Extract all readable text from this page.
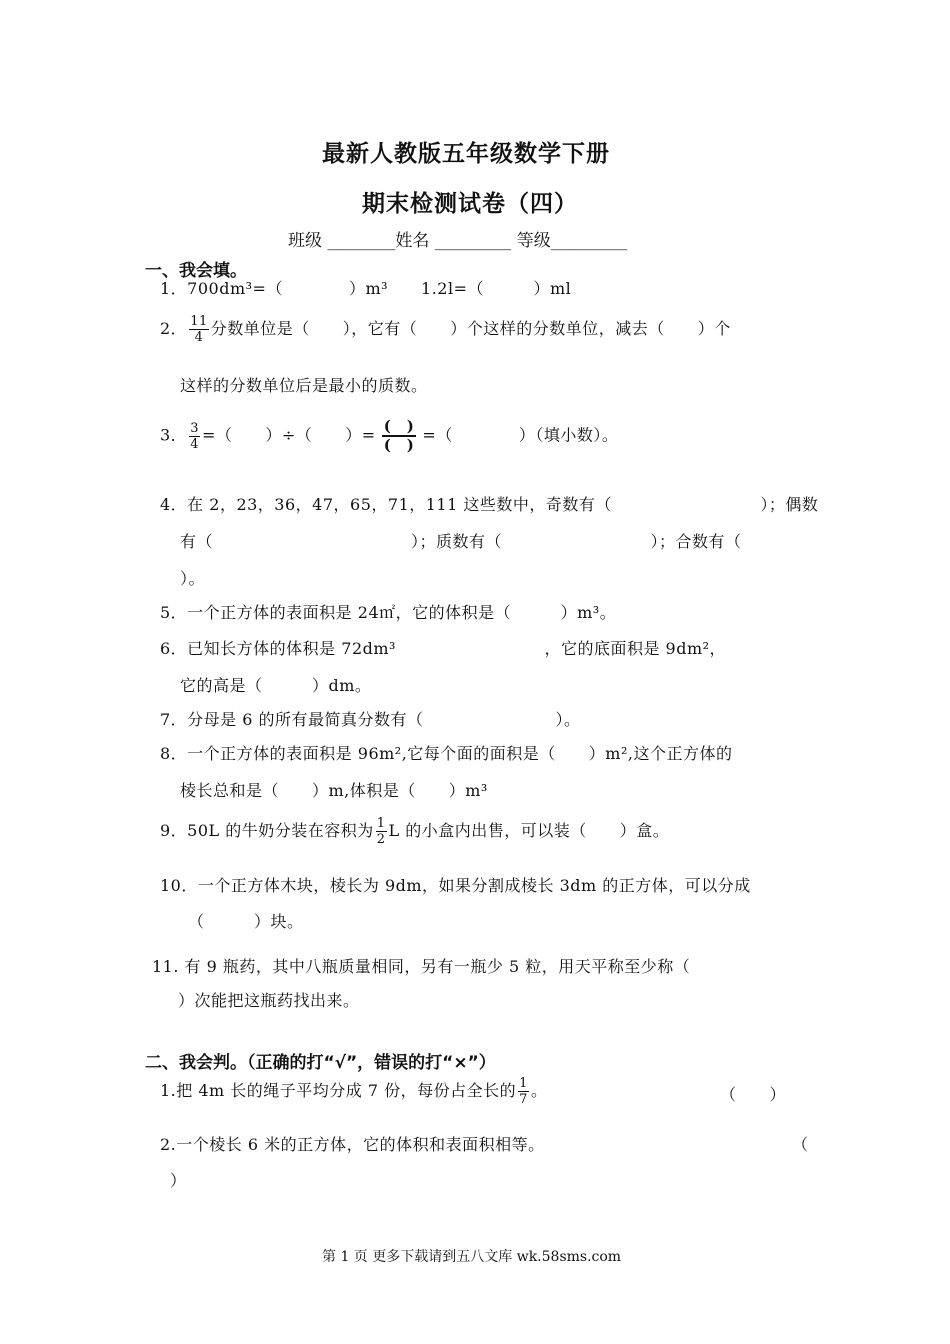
最新人教版五年级数学下册
期末检测试卷（四）
班级 ________姓名 _________ 等级_________
一、我会填。
1．700dm³=（　　　　）m³　　1.2l=（　　　）ml
2． $\frac{11}{4}$ 分数单位是（　　），它有（　　）个这样的分数单位，减去（　　）个
这样的分数单位后是最小的质数。
3． $\frac{3}{4}$ =（　　）÷（　　）= (　)
(　)
=（　　　　）（填小数）。
4．在 2，23，36，47，65，71，111 这些数中，奇数有（　　　　　　　　　）；偶数
有（　　　　　　　　　　　　）；质数有（　　　　　　　　　）；合数有（
）。
5．一个正方体的表面积是 24㎡，它的体积是（　　　）m³。
6．已知长方体的体积是 72dm³　　　　　　　　　，它的底面积是 9dm²，
它的高是（　　　）dm。
7．分母是 6 的所有最简真分数有（　　　　　　　　）。
8．一个正方体的表面积是 96m²,它每个面的面积是（　　）m²,这个正方体的
棱长总和是（　　）m,体积是（　　）m³
9．50L 的牛奶分装在容积为 $\frac{1}{2}$ L 的小盒内出售，可以装（　　）盒。
10．一个正方体木块，棱长为 9dm，如果分割成棱长 3dm 的正方体，可以分成
（　　　）块。
11. 有 9 瓶药，其中八瓶质量相同，另有一瓶少 5 粒，用天平称至少称（
）次能把这瓶药找出来。
二、我会判。（正确的打“√”，错误的打“×”）
1.把 4m 长的绳子平均分成 7 份，每份占全长的 $\frac{1}{7}$ 。	（　　）
2.一个棱长 6 米的正方体，它的体积和表面积相等。	（
）
第 1 页 更多下载请到五八文库 wk.58sms.com
